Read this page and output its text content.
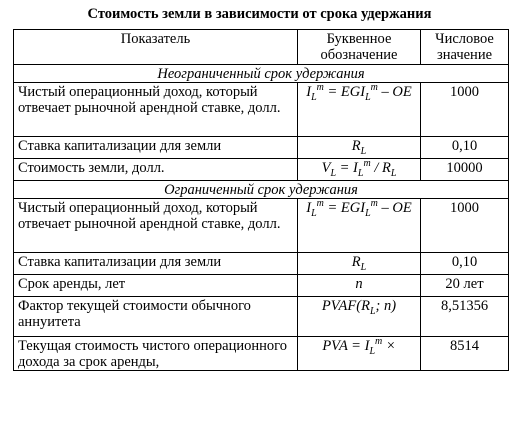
Стоимость земли в зависимости от срока удержания
Показатель	Буквенное обозначение	Числовое значение
Неограниченный срок удержания		
Чистый операционный доход, который отвечает рыночной арендной ставке, долл.	$I_L^m = EGI_L^m$ – OE	1000
Ставка капитализации для земли	$R_L$	0,10
Стоимость земли, долл.	$V_L = I_L^m / R_L$	10000
Ограниченный срок удержания		
Чистый операционный доход, который отвечает рыночной арендной ставке, долл.	$I_L^m = EGI_L^m$ – OE	1000
Ставка капитализации для земли	$R_L$	0,10
Срок аренды, лет	n	20 лет
Фактор текущей стоимости обычного аннуитета	$PVAF(R_L$; n)	8,51356
Текущая стоимость чистого операционного дохода за срок аренды,	PVA = $I_L^m$ ×	8514
